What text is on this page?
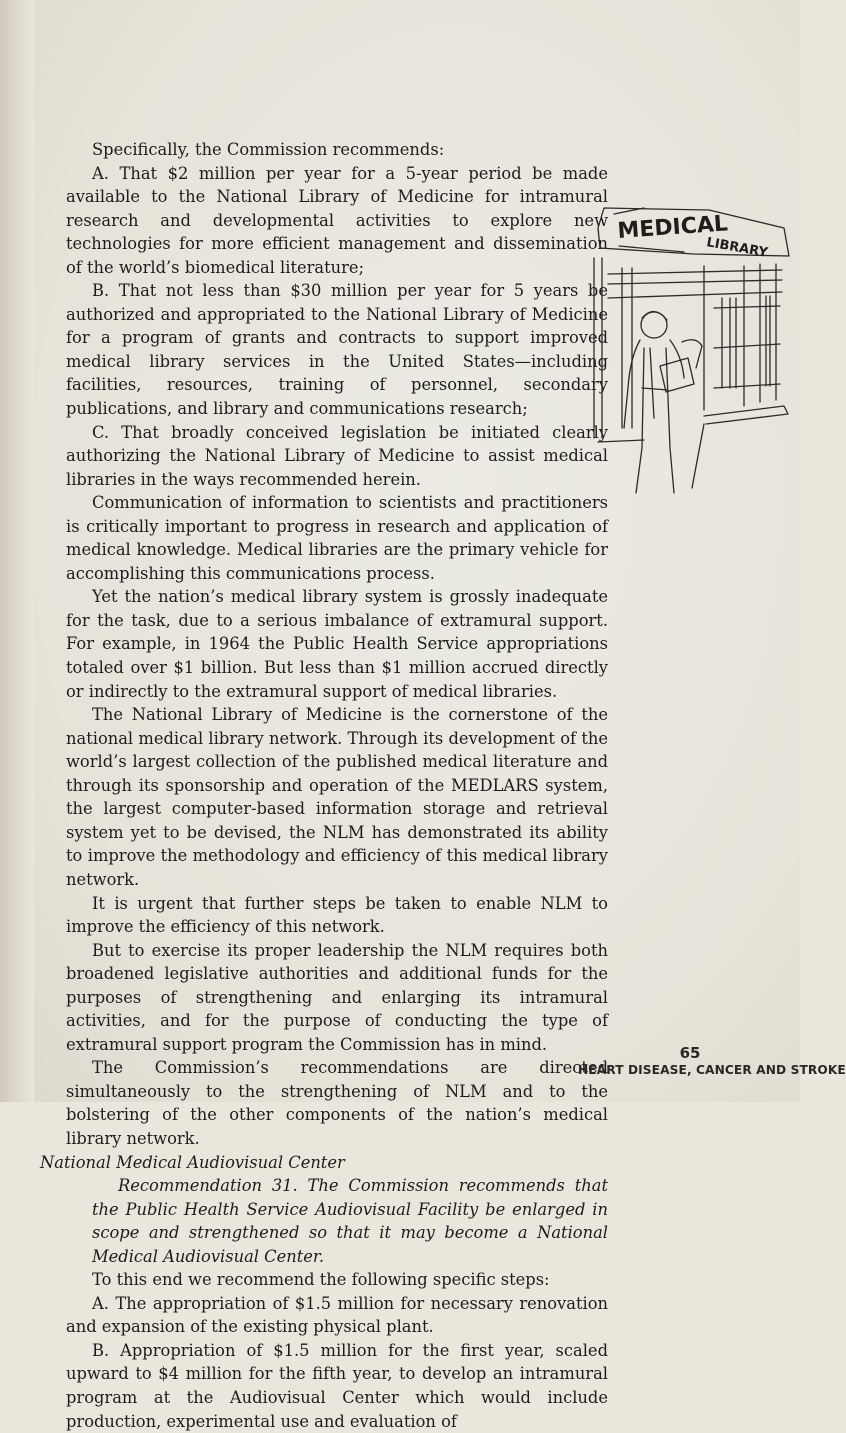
Specifically, the Commission recommends:

A. That $2 million per year for a 5-year period be made available to the National Library of Medicine for intramural research and developmental activities to explore new technologies for more efficient management and dissemination of the world’s biomedical literature;

B. That not less than $30 million per year for 5 years be authorized and appropriated to the National Library of Medicine for a program of grants and contracts to support improved medical library services in the United States—including facilities, resources, training of personnel, secondary publications, and library and communications research;

C. That broadly conceived legislation be initiated clearly authorizing the National Library of Medicine to assist medical libraries in the ways recommended herein.

Communication of information to scientists and practitioners is critically important to progress in research and application of medical knowledge. Medical libraries are the primary vehicle for accomplishing this communications process.

Yet the nation’s medical library system is grossly inadequate for the task, due to a serious imbalance of extramural support. For example, in 1964 the Public Health Service appropriations totaled over $1 billion. But less than $1 million accrued directly or indirectly to the extramural support of medical libraries.

The National Library of Medicine is the cornerstone of the national medical library network. Through its development of the world’s largest collection of the published medical literature and through its sponsorship and operation of the MEDLARS system, the largest computer-based information storage and retrieval system yet to be devised, the NLM has demonstrated its ability to improve the methodology and efficiency of this medical library network.

It is urgent that further steps be taken to enable NLM to improve the efficiency of this network.

But to exercise its proper leadership the NLM requires both broadened legislative authorities and additional funds for the purposes of strengthening and enlarging its intramural activities, and for the purpose of conducting the type of extramural support program the Commission has in mind.

The Commission’s recommendations are directed simultaneously to the strengthening of NLM and to the bolstering of the other components of the nation’s medical library network.

National Medical Audiovisual Center

Recommendation 31. The Commission recommends that the Public Health Service Audiovisual Facility be enlarged in scope and strengthened so that it may become a National Medical Audiovisual Center.

To this end we recommend the following specific steps:

A. The appropriation of $1.5 million for necessary renovation and expansion of the existing physical plant.

B. Appropriation of $1.5 million for the first year, scaled upward to $4 million for the fifth year, to develop an intramural program at the Audiovisual Center which would include production, experimental use and evaluation of

MEDICAL
LIBRARY
65
HEART DISEASE, CANCER AND STROKE
